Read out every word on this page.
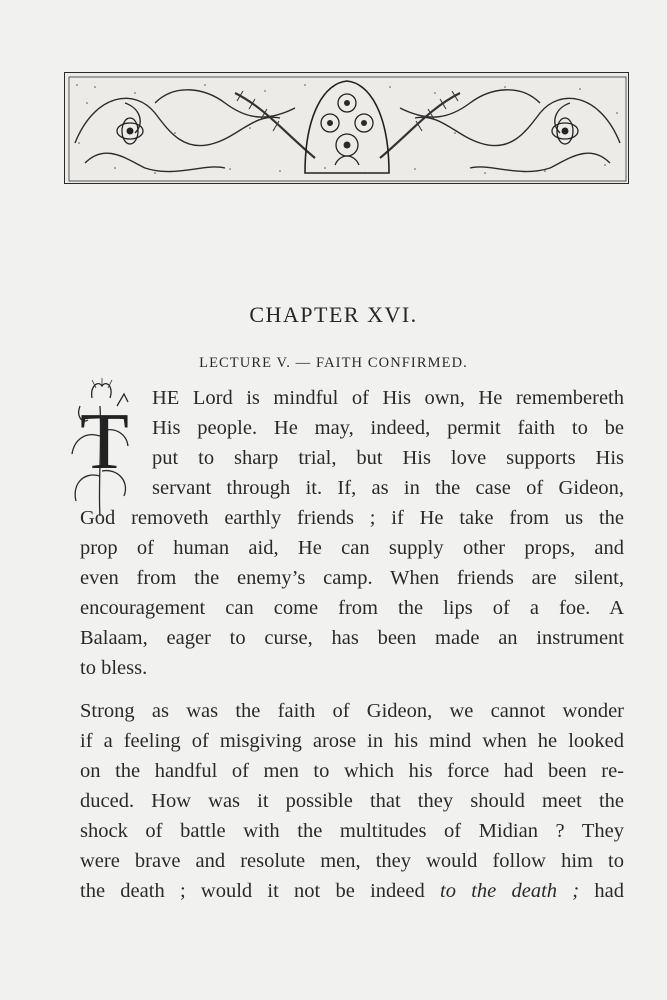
CHAPTER XVI.
LECTURE V. — FAITH CONFIRMED.
T HE Lord is mindful of His own, He remembereth
His people. He may, indeed, permit faith to be
put to sharp trial, but His love supports His
servant through it. If, as in the case of Gideon,
God removeth earthly friends ; if He take from us the
prop of human aid, He can supply other props, and
even from the enemy’s camp. When friends are silent,
encouragement can come from the lips of a foe. A
Balaam, eager to curse, has been made an instrument
to bless.
Strong as was the faith of Gideon, we cannot wonder
if a feeling of misgiving arose in his mind when he looked
on the handful of men to which his force had been re-
duced. How was it possible that they should meet the
shock of battle with the multitudes of Midian ? They
were brave and resolute men, they would follow him to
the death ; would it not be indeed to the death ; had
